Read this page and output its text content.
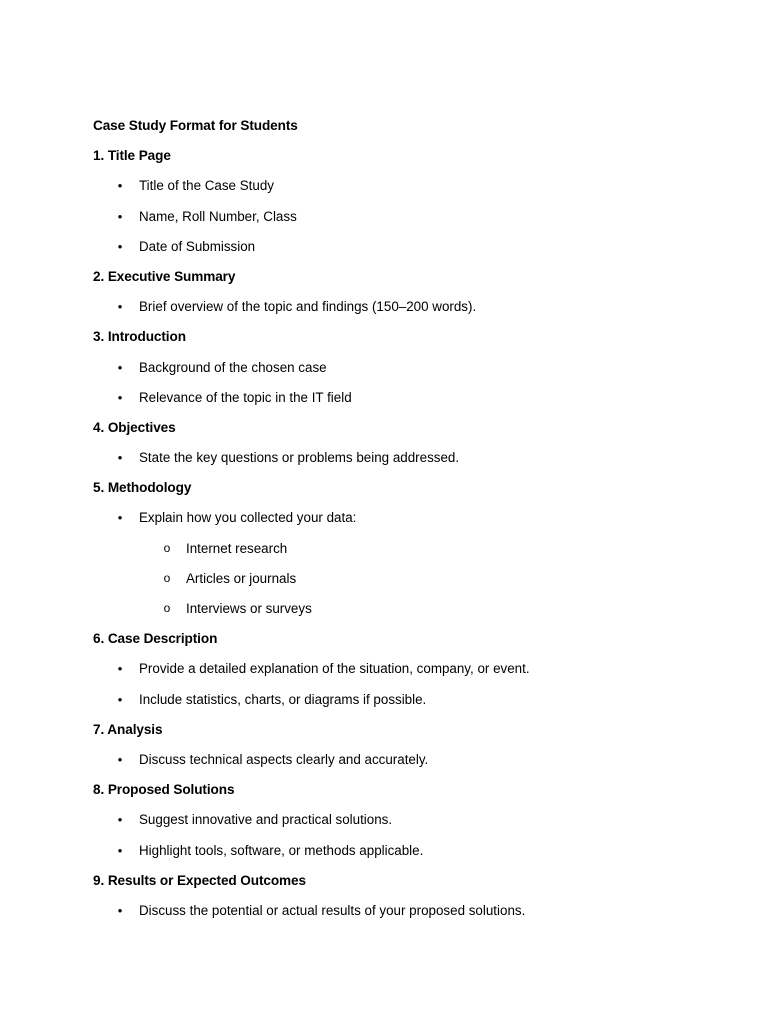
Case Study Format for Students
1. Title Page
• Title of the Case Study
• Name, Roll Number, Class
• Date of Submission
2. Executive Summary
• Brief overview of the topic and findings (150–200 words).
3. Introduction
• Background of the chosen case
• Relevance of the topic in the IT field
4. Objectives
• State the key questions or problems being addressed.
5. Methodology
• Explain how you collected your data:
o Internet research
o Articles or journals
o Interviews or surveys
6. Case Description
• Provide a detailed explanation of the situation, company, or event.
• Include statistics, charts, or diagrams if possible.
7. Analysis
• Discuss technical aspects clearly and accurately.
8. Proposed Solutions
• Suggest innovative and practical solutions.
• Highlight tools, software, or methods applicable.
9. Results or Expected Outcomes
• Discuss the potential or actual results of your proposed solutions.
